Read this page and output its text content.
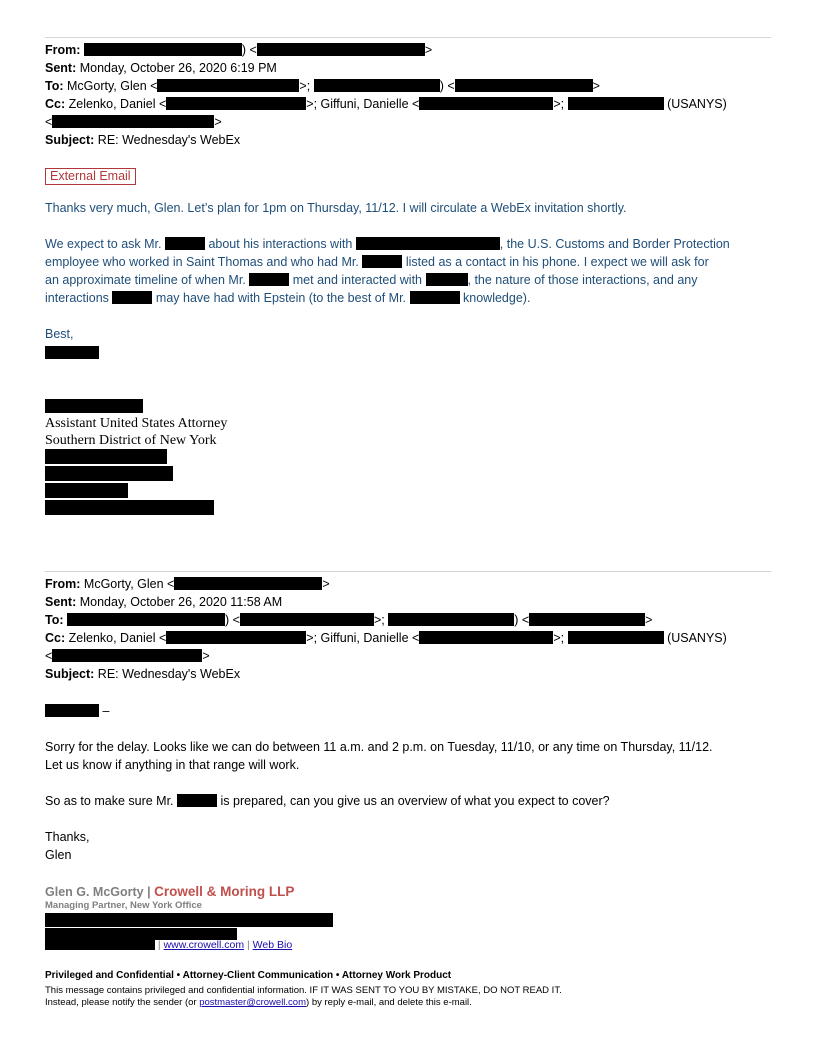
From:	) <	>
Sent: Monday, October 26, 2020 6:19 PM
To: McGorty, Glen <	>;	) <	>
Cc: Zelenko, Daniel <	>; Giffuni, Danielle <	>;	(USANYS)
<	>
Subject: RE: Wednesday's WebEx
External Email
Thanks very much, Glen. Let’s plan for 1pm on Thursday, 11/12. I will circulate a WebEx invitation shortly.
We expect to ask Mr.	about his interactions with	, the U.S. Customs and Border Protection
employee who worked in Saint Thomas and who had Mr.	listed as a contact in his phone. I expect we will ask for
an approximate timeline of when Mr.	met and interacted with	, the nature of those interactions, and any
interactions	may have had with Epstein (to the best of Mr.	knowledge).
Best,
Assistant United States Attorney
Southern District of New York
From: McGorty, Glen <	>
Sent: Monday, October 26, 2020 11:58 AM
To:	) <	>;	) <	>
Cc: Zelenko, Daniel <	>; Giffuni, Danielle <	>;	(USANYS)
<	>
Subject: RE: Wednesday's WebEx
–
Sorry for the delay. Looks like we can do between 11 a.m. and 2 p.m. on Tuesday, 11/10, or any time on Thursday, 11/12.
Let us know if anything in that range will work.
So as to make sure Mr.	is prepared, can you give us an overview of what you expect to cover?
Thanks,
Glen
Glen G. McGorty | Crowell & Moring LLP
Managing Partner, New York Office
| www.crowell.com | Web Bio
Privileged and Confidential • Attorney-Client Communication • Attorney Work Product
This message contains privileged and confidential information. IF IT WAS SENT TO YOU BY MISTAKE, DO NOT READ IT.
Instead, please notify the sender (or postmaster@crowell.com) by reply e-mail, and delete this e-mail.
